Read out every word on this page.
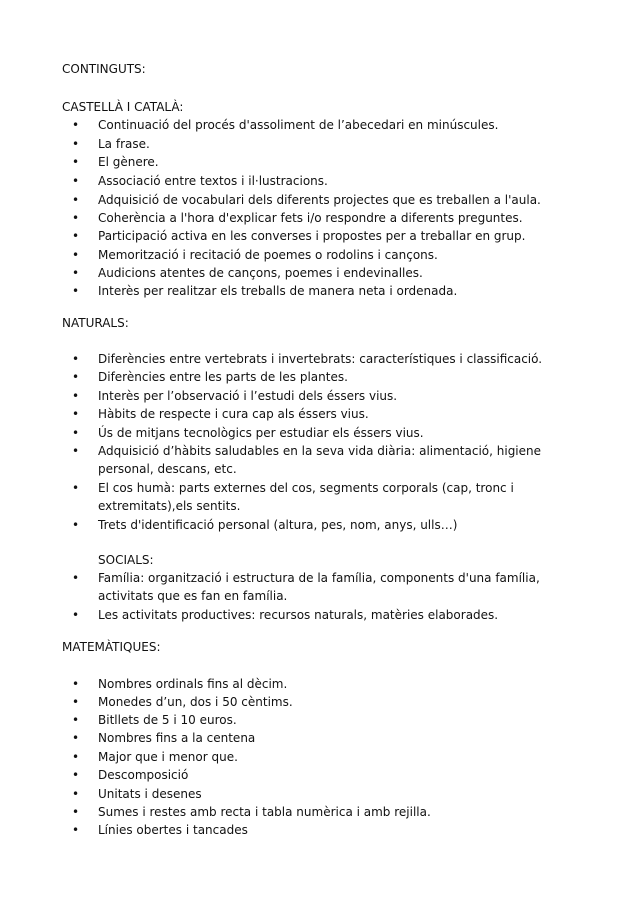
CONTINGUTS:
CASTELLÀ I CATALÀ:
• Continuació del procés d'assoliment de l’abecedari en minúscules.
• La frase.
• El gènere.
• Associació entre textos i il·lustracions.
• Adquisició de vocabulari dels diferents projectes que es treballen a l'aula.
• Coherència a l'hora d'explicar fets i/o respondre a diferents preguntes.
• Participació activa en les converses i propostes per a treballar en grup.
• Memorització i recitació de poemes o rodolins i cançons.
• Audicions atentes de cançons, poemes i endevinalles.
• Interès per realitzar els treballs de manera neta i ordenada.
NATURALS:
• Diferències entre vertebrats i invertebrats: característiques i classificació.
• Diferències entre les parts de les plantes.
• Interès per l’observació i l’estudi dels éssers vius.
• Hàbits de respecte i cura cap als éssers vius.
• Ús de mitjans tecnològics per estudiar els éssers vius.
• Adquisició d’hàbits saludables en la seva vida diària: alimentació, higiene
personal, descans, etc.
• El cos humà: parts externes del cos, segments corporals (cap, tronc i
extremitats),els sentits.
• Trets d'identificació personal (altura, pes, nom, anys, ulls…)
SOCIALS:
• Família: organització i estructura de la família, components d'una família,
activitats que es fan en família.
• Les activitats productives: recursos naturals, matèries elaborades.
MATEMÀTIQUES:
• Nombres ordinals fins al dècim.
• Monedes d’un, dos i 50 cèntims.
• Bitllets de 5 i 10 euros.
• Nombres fins a la centena
• Major que i menor que.
• Descomposició
• Unitats i desenes
• Sumes i restes amb recta i tabla numèrica i amb rejilla.
• Línies obertes i tancades
